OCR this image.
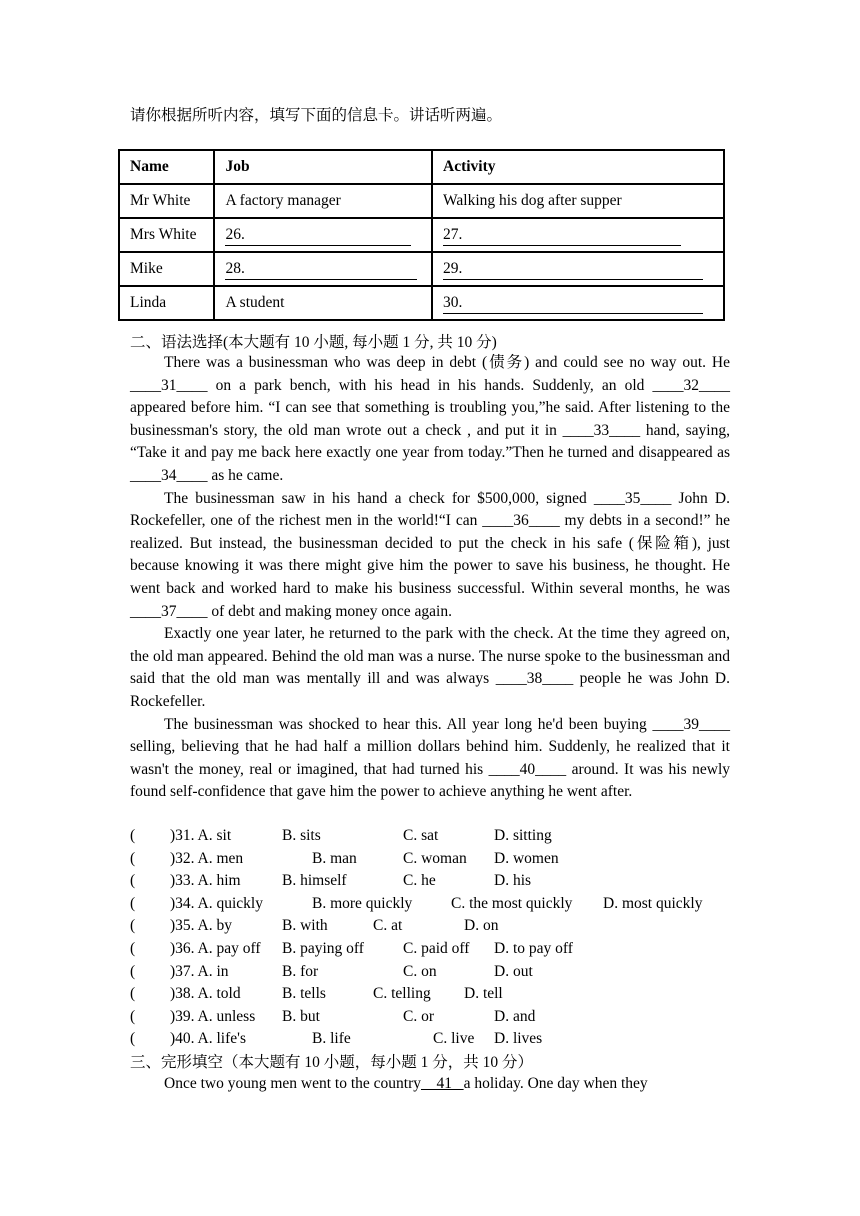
请你根据所听内容，填写下面的信息卡。讲话听两遍。
Name	Job	Activity
Mr White	A factory manager	Walking his dog after supper
Mrs White	26.	27.
Mike	28.	29.
Linda	A student	30.
二、语法选择(本大题有 10 小题, 每小题 1 分, 共 10 分)

There was a businessman who was deep in debt (债务) and could see no way out. He ____31____ on a park bench, with his head in his hands. Suddenly, an old ____32____ appeared before him. “I can see that something is troubling you,”he said. After listening to the businessman's story, the old man wrote out a check , and put it in ____33____ hand, saying, “Take it and pay me back here exactly one year from today.”Then he turned and disappeared as ____34____ as he came.

The businessman saw in his hand a check for $500,000, signed ____35____ John D. Rockefeller, one of the richest men in the world!“I can ____36____ my debts in a second!” he realized. But instead, the businessman decided to put the check in his safe (保险箱), just because knowing it was there might give him the power to save his business, he thought. He went back and worked hard to make his business successful. Within several months, he was ____37____ of debt and making money once again.

Exactly one year later, he returned to the park with the check. At the time they agreed on, the old man appeared. Behind the old man was a nurse. The nurse spoke to the businessman and said that the old man was mentally ill and was always ____38____ people he was John D. Rockefeller.

The businessman was shocked to hear this. All year long he'd been buying ____39____ selling, believing that he had half a million dollars behind him. Suddenly, he realized that it wasn't the money, real or imagined, that had turned his ____40____ around. It was his newly found self-confidence that gave him the power to achieve anything he went after.

( )31. A. sit	B. sits	C. sat	D. sitting
( )32. A. men	B. man	C. woman D. women
( )33. A. him	B. himself	C. he	D. his
( )34. A. quickly	B. more quickly C. the most quickly D. most quickly
( )35. A. by	B. with	C. at	D. on
( )36. A. pay off B. paying off	C. paid off D. to pay off
( )37. A. in	B. for	C. on	D. out
( )38. A. told	B. tells	C. telling D. tell
( )39. A. unless B. but	C. or	D. and
( )40. A. life's	B. life	C. live D. lives
三、完形填空（本大题有 10 小题，每小题 1 分，共 10 分）

Once two young men went to the country    41   a holiday. One day when they
